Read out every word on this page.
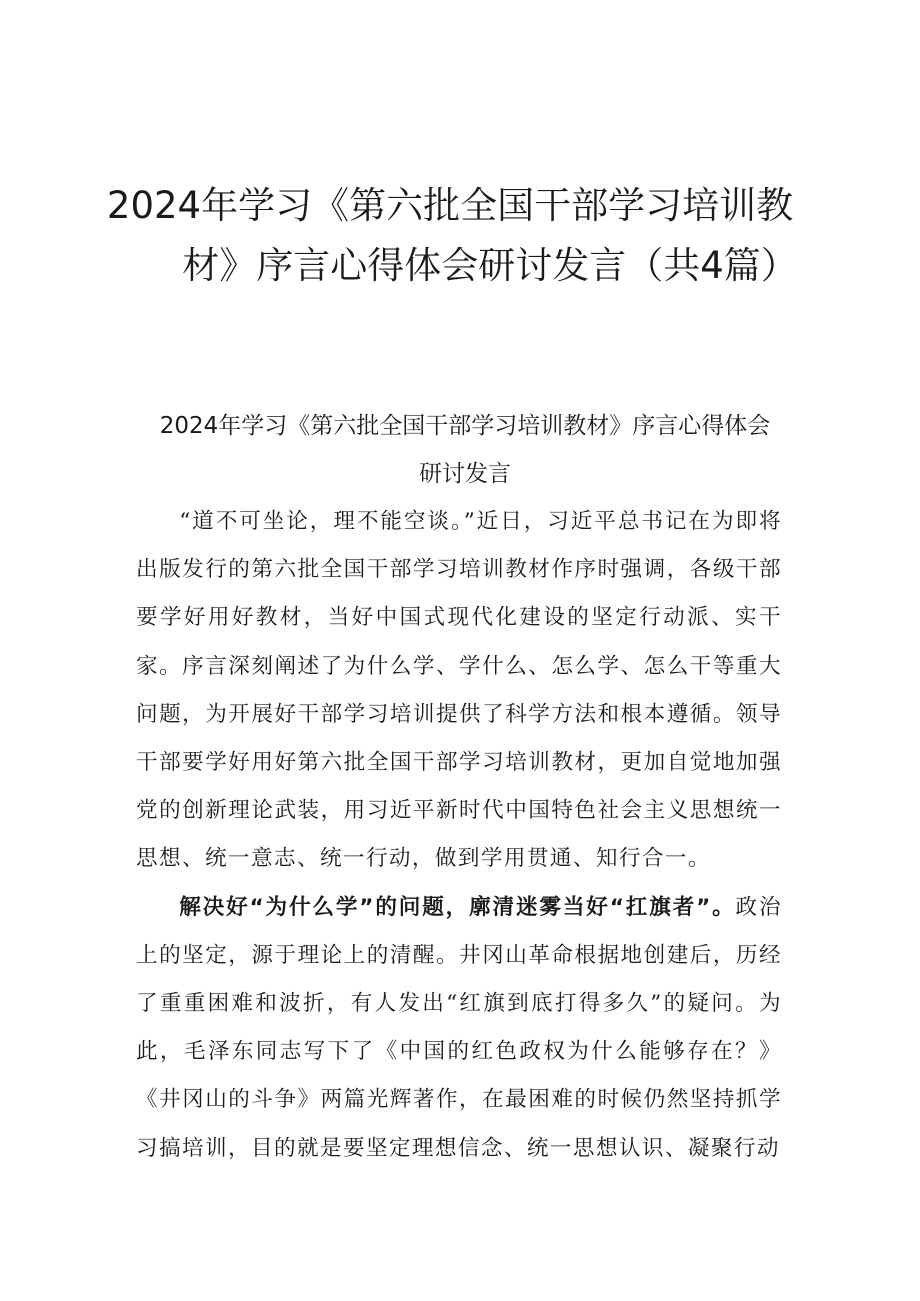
2024年学习《第六批全国干部学习培训教
材》序言心得体会研讨发言（共4篇）
2024年学习《第六批全国干部学习培训教材》序言心得体会
研讨发言

“道不可坐论，理不能空谈。”近日，习近平总书记在为即将出版发行的第六批全国干部学习培训教材作序时强调，各级干部要学好用好教材，当好中国式现代化建设的坚定行动派、实干家。序言深刻阐述了为什么学、学什么、怎么学、怎么干等重大问题，为开展好干部学习培训提供了科学方法和根本遵循。领导干部要学好用好第六批全国干部学习培训教材，更加自觉地加强党的创新理论武装，用习近平新时代中国特色社会主义思想统一思想、统一意志、统一行动，做到学用贯通、知行合一。

解决好“为什么学”的问题，廓清迷雾当好“扛旗者”。政治上的坚定，源于理论上的清醒。井冈山革命根据地创建后，历经了重重困难和波折，有人发出“红旗到底打得多久”的疑问。为此，毛泽东同志写下了《中国的红色政权为什么能够存在？》《井冈山的斗争》两篇光辉著作，在最困难的时候仍然坚持抓学习搞培训，目的就是要坚定理想信念、统一思想认识、凝聚行动
